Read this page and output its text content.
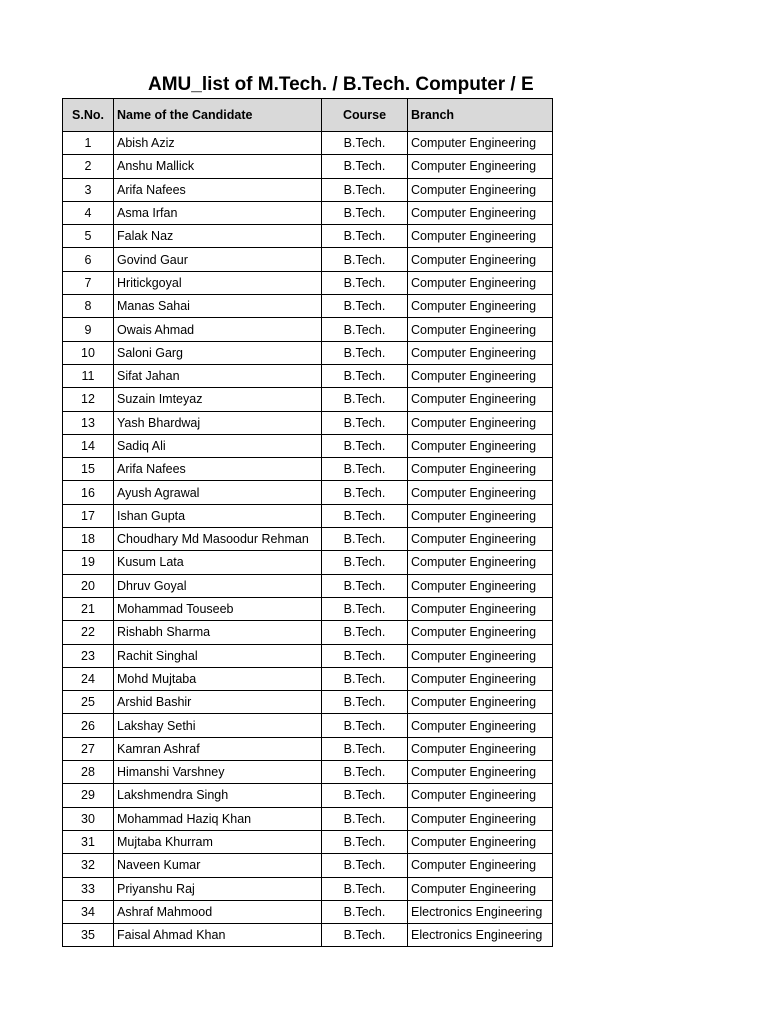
AMU_list of M.Tech. / B.Tech. Computer / E
S.No.	Name of the Candidate	Course	Branch
1	Abish Aziz	B.Tech.	Computer Engineering
2	Anshu Mallick	B.Tech.	Computer Engineering
3	Arifa Nafees	B.Tech.	Computer Engineering
4	Asma Irfan	B.Tech.	Computer Engineering
5	Falak Naz	B.Tech.	Computer Engineering
6	Govind Gaur	B.Tech.	Computer Engineering
7	Hritickgoyal	B.Tech.	Computer Engineering
8	Manas Sahai	B.Tech.	Computer Engineering
9	Owais Ahmad	B.Tech.	Computer Engineering
10	Saloni Garg	B.Tech.	Computer Engineering
11	Sifat Jahan	B.Tech.	Computer Engineering
12	Suzain Imteyaz	B.Tech.	Computer Engineering
13	Yash Bhardwaj	B.Tech.	Computer Engineering
14	Sadiq Ali	B.Tech.	Computer Engineering
15	Arifa Nafees	B.Tech.	Computer Engineering
16	Ayush Agrawal	B.Tech.	Computer Engineering
17	Ishan Gupta	B.Tech.	Computer Engineering
18	Choudhary Md Masoodur Rehman	B.Tech.	Computer Engineering
19	Kusum Lata	B.Tech.	Computer Engineering
20	Dhruv Goyal	B.Tech.	Computer Engineering
21	Mohammad Touseeb	B.Tech.	Computer Engineering
22	Rishabh Sharma	B.Tech.	Computer Engineering
23	Rachit Singhal	B.Tech.	Computer Engineering
24	Mohd Mujtaba	B.Tech.	Computer Engineering
25	Arshid Bashir	B.Tech.	Computer Engineering
26	Lakshay Sethi	B.Tech.	Computer Engineering
27	Kamran Ashraf	B.Tech.	Computer Engineering
28	Himanshi Varshney	B.Tech.	Computer Engineering
29	Lakshmendra Singh	B.Tech.	Computer Engineering
30	Mohammad Haziq Khan	B.Tech.	Computer Engineering
31	Mujtaba Khurram	B.Tech.	Computer Engineering
32	Naveen Kumar	B.Tech.	Computer Engineering
33	Priyanshu Raj	B.Tech.	Computer Engineering
34	Ashraf Mahmood	B.Tech.	Electronics Engineering
35	Faisal Ahmad Khan	B.Tech.	Electronics Engineering
